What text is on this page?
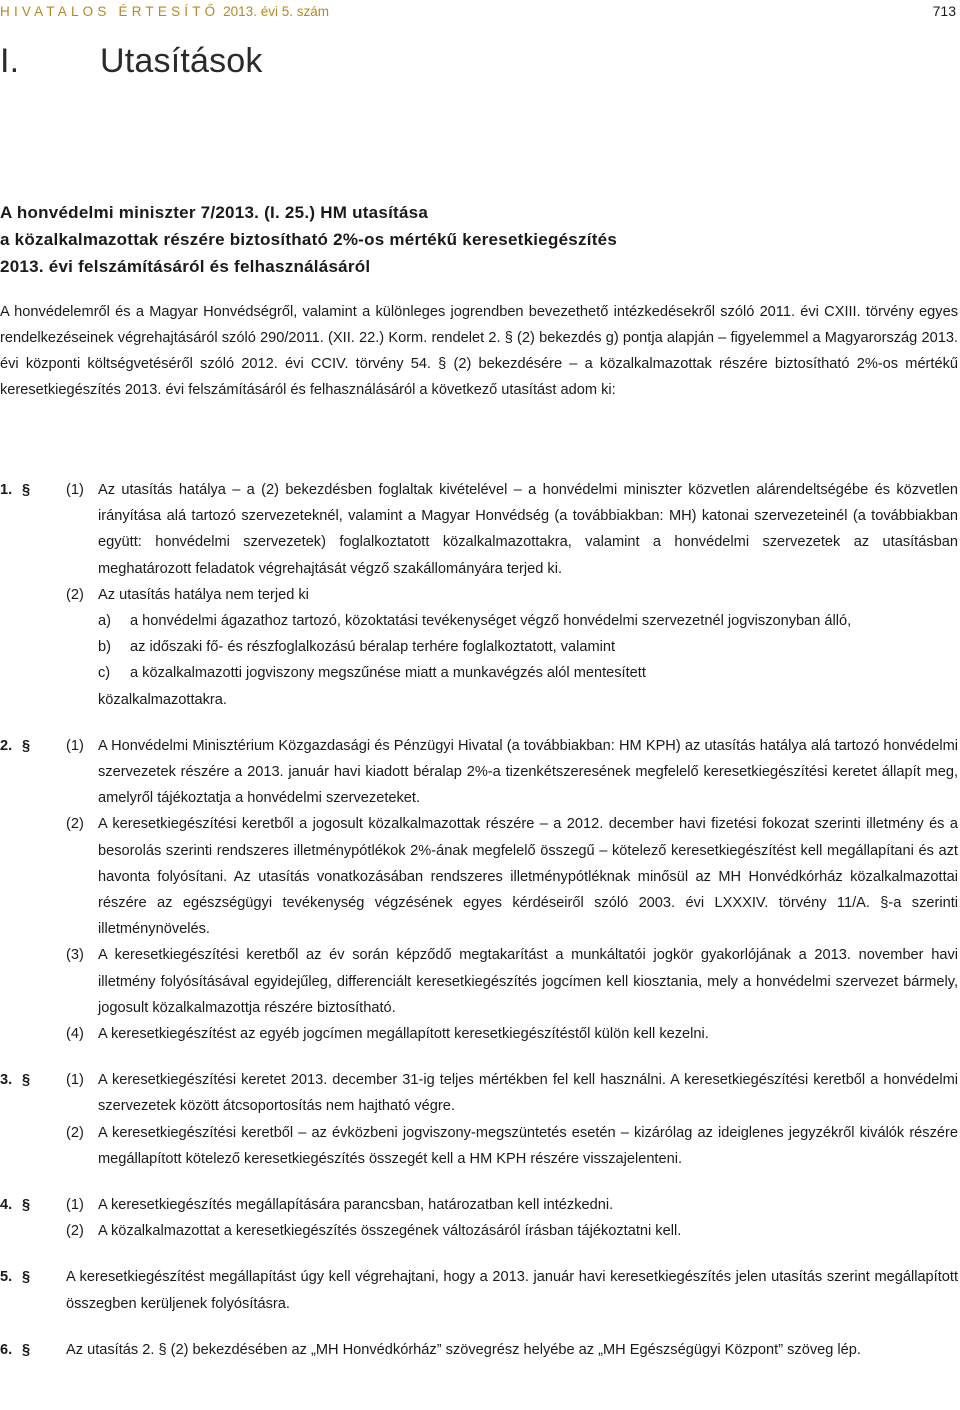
HIVATALOS ÉRTESÍTŐ 2013. évi 5. szám	713
I. Utasítások
A honvédelmi miniszter 7/2013. (I. 25.) HM utasítása
a közalkalmazottak részére biztosítható 2%-os mértékű keresetkiegészítés
2013. évi felszámításáról és felhasználásáról
A honvédelemről és a Magyar Honvédségről, valamint a különleges jogrendben bevezethető intézkedésekről szóló 2011. évi CXIII. törvény egyes rendelkezéseinek végrehajtásáról szóló 290/2011. (XII. 22.) Korm. rendelet 2. § (2) bekezdés g) pontja alapján – figyelemmel a Magyarország 2013. évi központi költségvetéséről szóló 2012. évi CCIV. törvény 54. § (2) bekezdésére – a közalkalmazottak részére biztosítható 2%-os mértékű keresetkiegészítés 2013. évi felszámításáról és felhasználásáról a következő utasítást adom ki:
1. §	(1) Az utasítás hatálya – a (2) bekezdésben foglaltak kivételével – a honvédelmi miniszter közvetlen alárendeltségébe és közvetlen irányítása alá tartozó szervezeteknél, valamint a Magyar Honvédség (a továbbiakban: MH) katonai szervezeteinél (a továbbiakban együtt: honvédelmi szervezetek) foglalkoztatott közalkalmazottakra, valamint a honvédelmi szervezetek az utasításban meghatározott feladatok végrehajtását végző szakállományára terjed ki.
(2) Az utasítás hatálya nem terjed ki
a)	a honvédelmi ágazathoz tartozó, közoktatási tevékenységet végző honvédelmi szervezetnél jogviszonyban álló,
b)	az időszaki fő- és részfoglalkozású béralap terhére foglalkoztatott, valamint
c)	a közalkalmazotti jogviszony megszűnése miatt a munkavégzés alól mentesített
közalkalmazottakra.
2. §	(1) A Honvédelmi Minisztérium Közgazdasági és Pénzügyi Hivatal (a továbbiakban: HM KPH) az utasítás hatálya alá tartozó honvédelmi szervezetek részére a 2013. január havi kiadott béralap 2%-a tizenkétszeresének megfelelő keresetkiegészítési keretet állapít meg, amelyről tájékoztatja a honvédelmi szervezeteket.
(2) A keresetkiegészítési keretből a jogosult közalkalmazottak részére – a 2012. december havi fizetési fokozat szerinti illetmény és a besorolás szerinti rendszeres illetménypótlékok 2%-ának megfelelő összegű – kötelező keresetkiegészítést kell megállapítani és azt havonta folyósítani. Az utasítás vonatkozásában rendszeres illetménypótléknak minősül az MH Honvédkórház közalkalmazottai részére az egészségügyi tevékenység végzésének egyes kérdéseiről szóló 2003. évi LXXXIV. törvény 11/A. §-a szerinti illetménynövelés.
(3) A keresetkiegészítési keretből az év során képződő megtakarítást a munkáltatói jogkör gyakorlójának a 2013. november havi illetmény folyósításával egyidejűleg, differenciált keresetkiegészítés jogcímen kell kiosztania, mely a honvédelmi szervezet bármely, jogosult közalkalmazottja részére biztosítható.
(4) A keresetkiegészítést az egyéb jogcímen megállapított keresetkiegészítéstől külön kell kezelni.
3. §	(1) A keresetkiegészítési keretet 2013. december 31-ig teljes mértékben fel kell használni. A keresetkiegészítési keretből a honvédelmi szervezetek között átcsoportosítás nem hajtható végre.
(2) A keresetkiegészítési keretből – az évközbeni jogviszony-megszüntetés esetén – kizárólag az ideiglenes jegyzékről kiválók részére megállapított kötelező keresetkiegészítés összegét kell a HM KPH részére visszajelenteni.
4. §	(1) A keresetkiegészítés megállapítására parancsban, határozatban kell intézkedni.
(2) A közalkalmazottat a keresetkiegészítés összegének változásáról írásban tájékoztatni kell.
5. §	A keresetkiegészítést megállapítást úgy kell végrehajtani, hogy a 2013. január havi keresetkiegészítés jelen utasítás szerint megállapított összegben kerüljenek folyósításra.
6. §	Az utasítás 2. § (2) bekezdésében az „MH Honvédkórház” szövegrész helyébe az „MH Egészségügyi Központ” szöveg lép.
